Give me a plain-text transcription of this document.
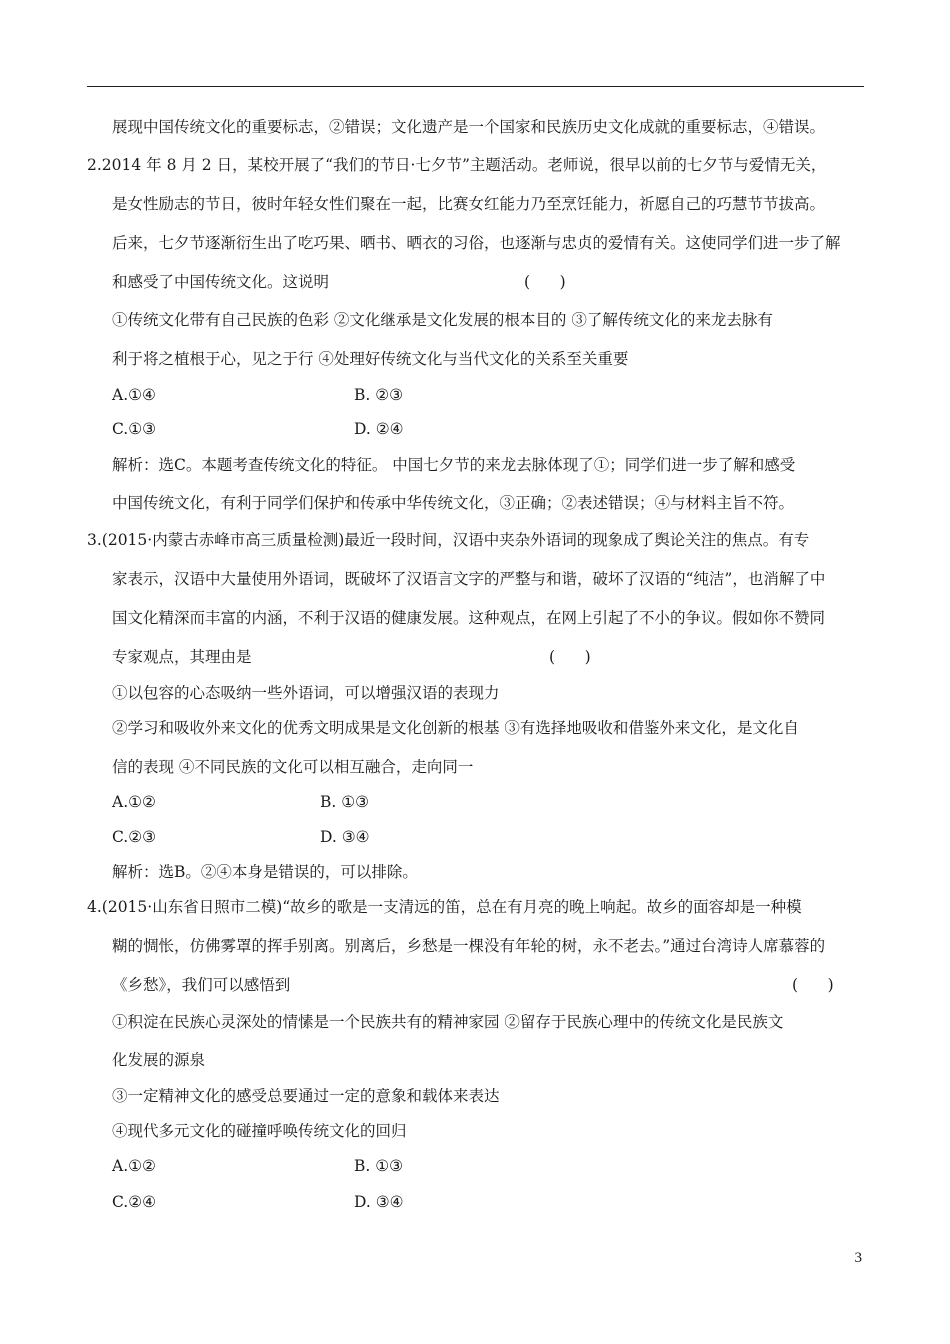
展现中国传统文化的重要标志，②错误；文化遗产是一个国家和民族历史文化成就的重要标志，④错误。
2.2014 年 8 月 2 日，某校开展了“我们的节日·七夕节”主题活动。老师说，很早以前的七夕节与爱情无关，
是女性励志的节日，彼时年轻女性们聚在一起，比赛女红能力乃至烹饪能力，祈愿自己的巧慧节节拔高。
后来，七夕节逐渐衍生出了吃巧果、晒书、晒衣的习俗，也逐渐与忠贞的爱情有关。这使同学们进一步了解
和感受了中国传统文化。这说明	(      )
①传统文化带有自己民族的色彩 ②文化继承是文化发展的根本目的 ③了解传统文化的来龙去脉有
利于将之植根于心，见之于行 ④处理好传统文化与当代文化的关系至关重要
A.①④	B. ②③
C.①③	D. ②④
解析：选C。本题考查传统文化的特征。 中国七夕节的来龙去脉体现了①；同学们进一步了解和感受
中国传统文化，有利于同学们保护和传承中华传统文化，③正确；②表述错误；④与材料主旨不符。
3.(2015·内蒙古赤峰市高三质量检测)最近一段时间，汉语中夹杂外语词的现象成了舆论关注的焦点。有专
家表示，汉语中大量使用外语词，既破坏了汉语言文字的严整与和谐，破坏了汉语的“纯洁”，也消解了中
国文化精深而丰富的内涵，不利于汉语的健康发展。这种观点，在网上引起了不小的争议。假如你不赞同
专家观点，其理由是	(      )
①以包容的心态吸纳一些外语词，可以增强汉语的表现力
②学习和吸收外来文化的优秀文明成果是文化创新的根基 ③有选择地吸收和借鉴外来文化，是文化自
信的表现 ④不同民族的文化可以相互融合，走向同一
A.①②	B. ①③
C.②③	D. ③④
解析：选B。②④本身是错误的，可以排除。
4.(2015·山东省日照市二模)“故乡的歌是一支清远的笛，总在有月亮的晚上响起。故乡的面容却是一种模
糊的惆怅，仿佛雾罩的挥手别离。别离后，乡愁是一棵没有年轮的树，永不老去。”通过台湾诗人席慕蓉的
《乡愁》，我们可以感悟到	(      )
①积淀在民族心灵深处的情愫是一个民族共有的精神家园 ②留存于民族心理中的传统文化是民族文
化发展的源泉
③一定精神文化的感受总要通过一定的意象和载体来表达
④现代多元文化的碰撞呼唤传统文化的回归
A.①②	B. ①③
C.②④	D. ③④
3
